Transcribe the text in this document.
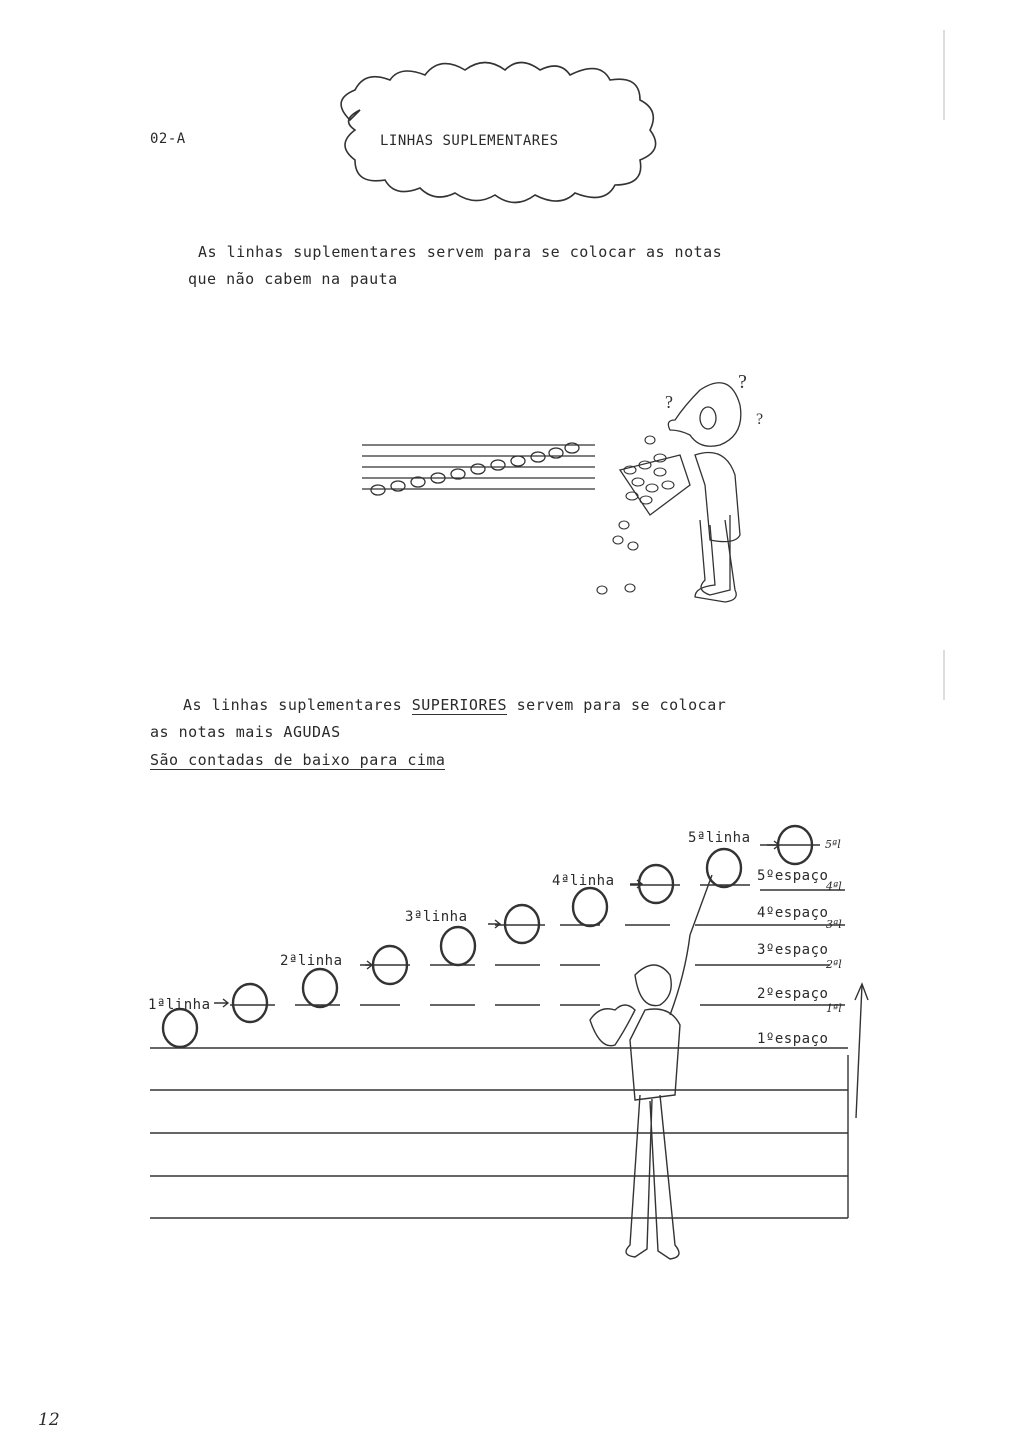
02-A	LINHAS SUPLEMENTARES
As linhas suplementares servem para se colocar as notas
que não cabem na pauta
?
?
?
As linhas suplementares SUPERIORES servem para se colocar
as notas mais AGUDAS
São contadas de baixo para cima
1ªlinha
2ªlinha
3ªlinha
4ªlinha
5ªlinha
5ºespaço
4ºespaço
3ºespaço
2ºespaço
1ºespaço
5ªl
4ªl
3ªl
2ªl
1ªl
12
